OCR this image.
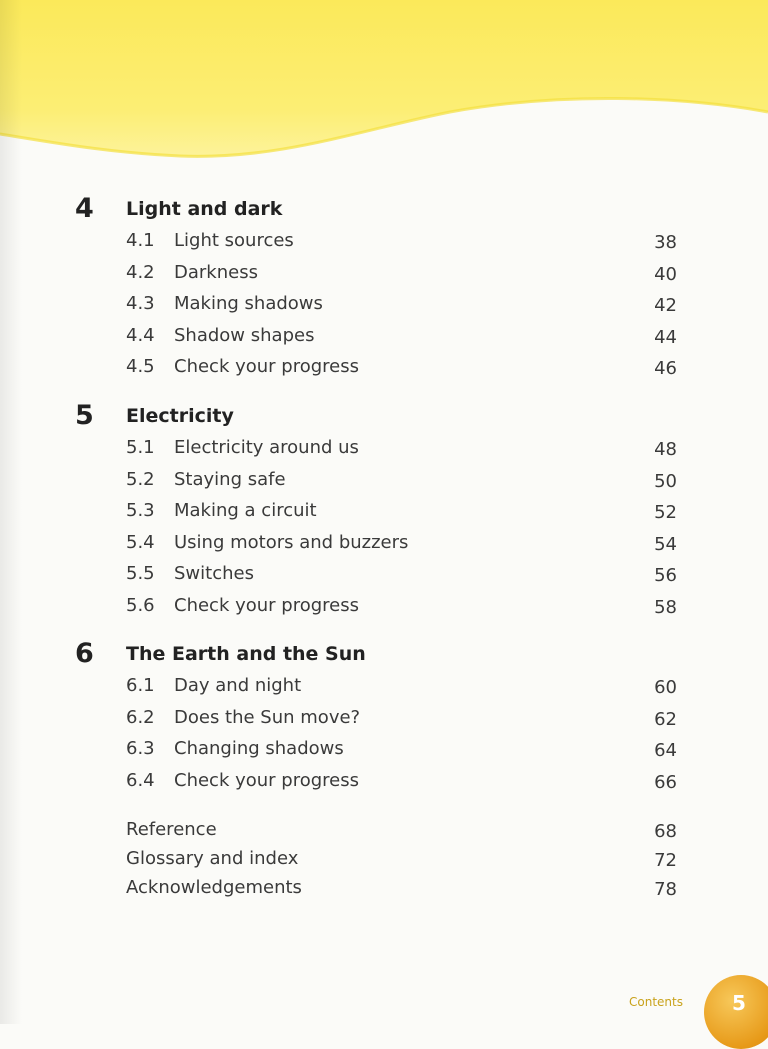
4	Light and dark
4.1 Light sources	38
4.2 Darkness	40
4.3 Making shadows	42
4.4 Shadow shapes	44
4.5 Check your progress	46
5	Electricity
5.1 Electricity around us	48
5.2 Staying safe	50
5.3 Making a circuit	52
5.4 Using motors and buzzers	54
5.5 Switches	56
5.6 Check your progress	58
6	The Earth and the Sun
6.1 Day and night	60
6.2 Does the Sun move?	62
6.3 Changing shadows	64
6.4 Check your progress	66
Reference	68
Glossary and index	72
Acknowledgements	78
Contents 5
